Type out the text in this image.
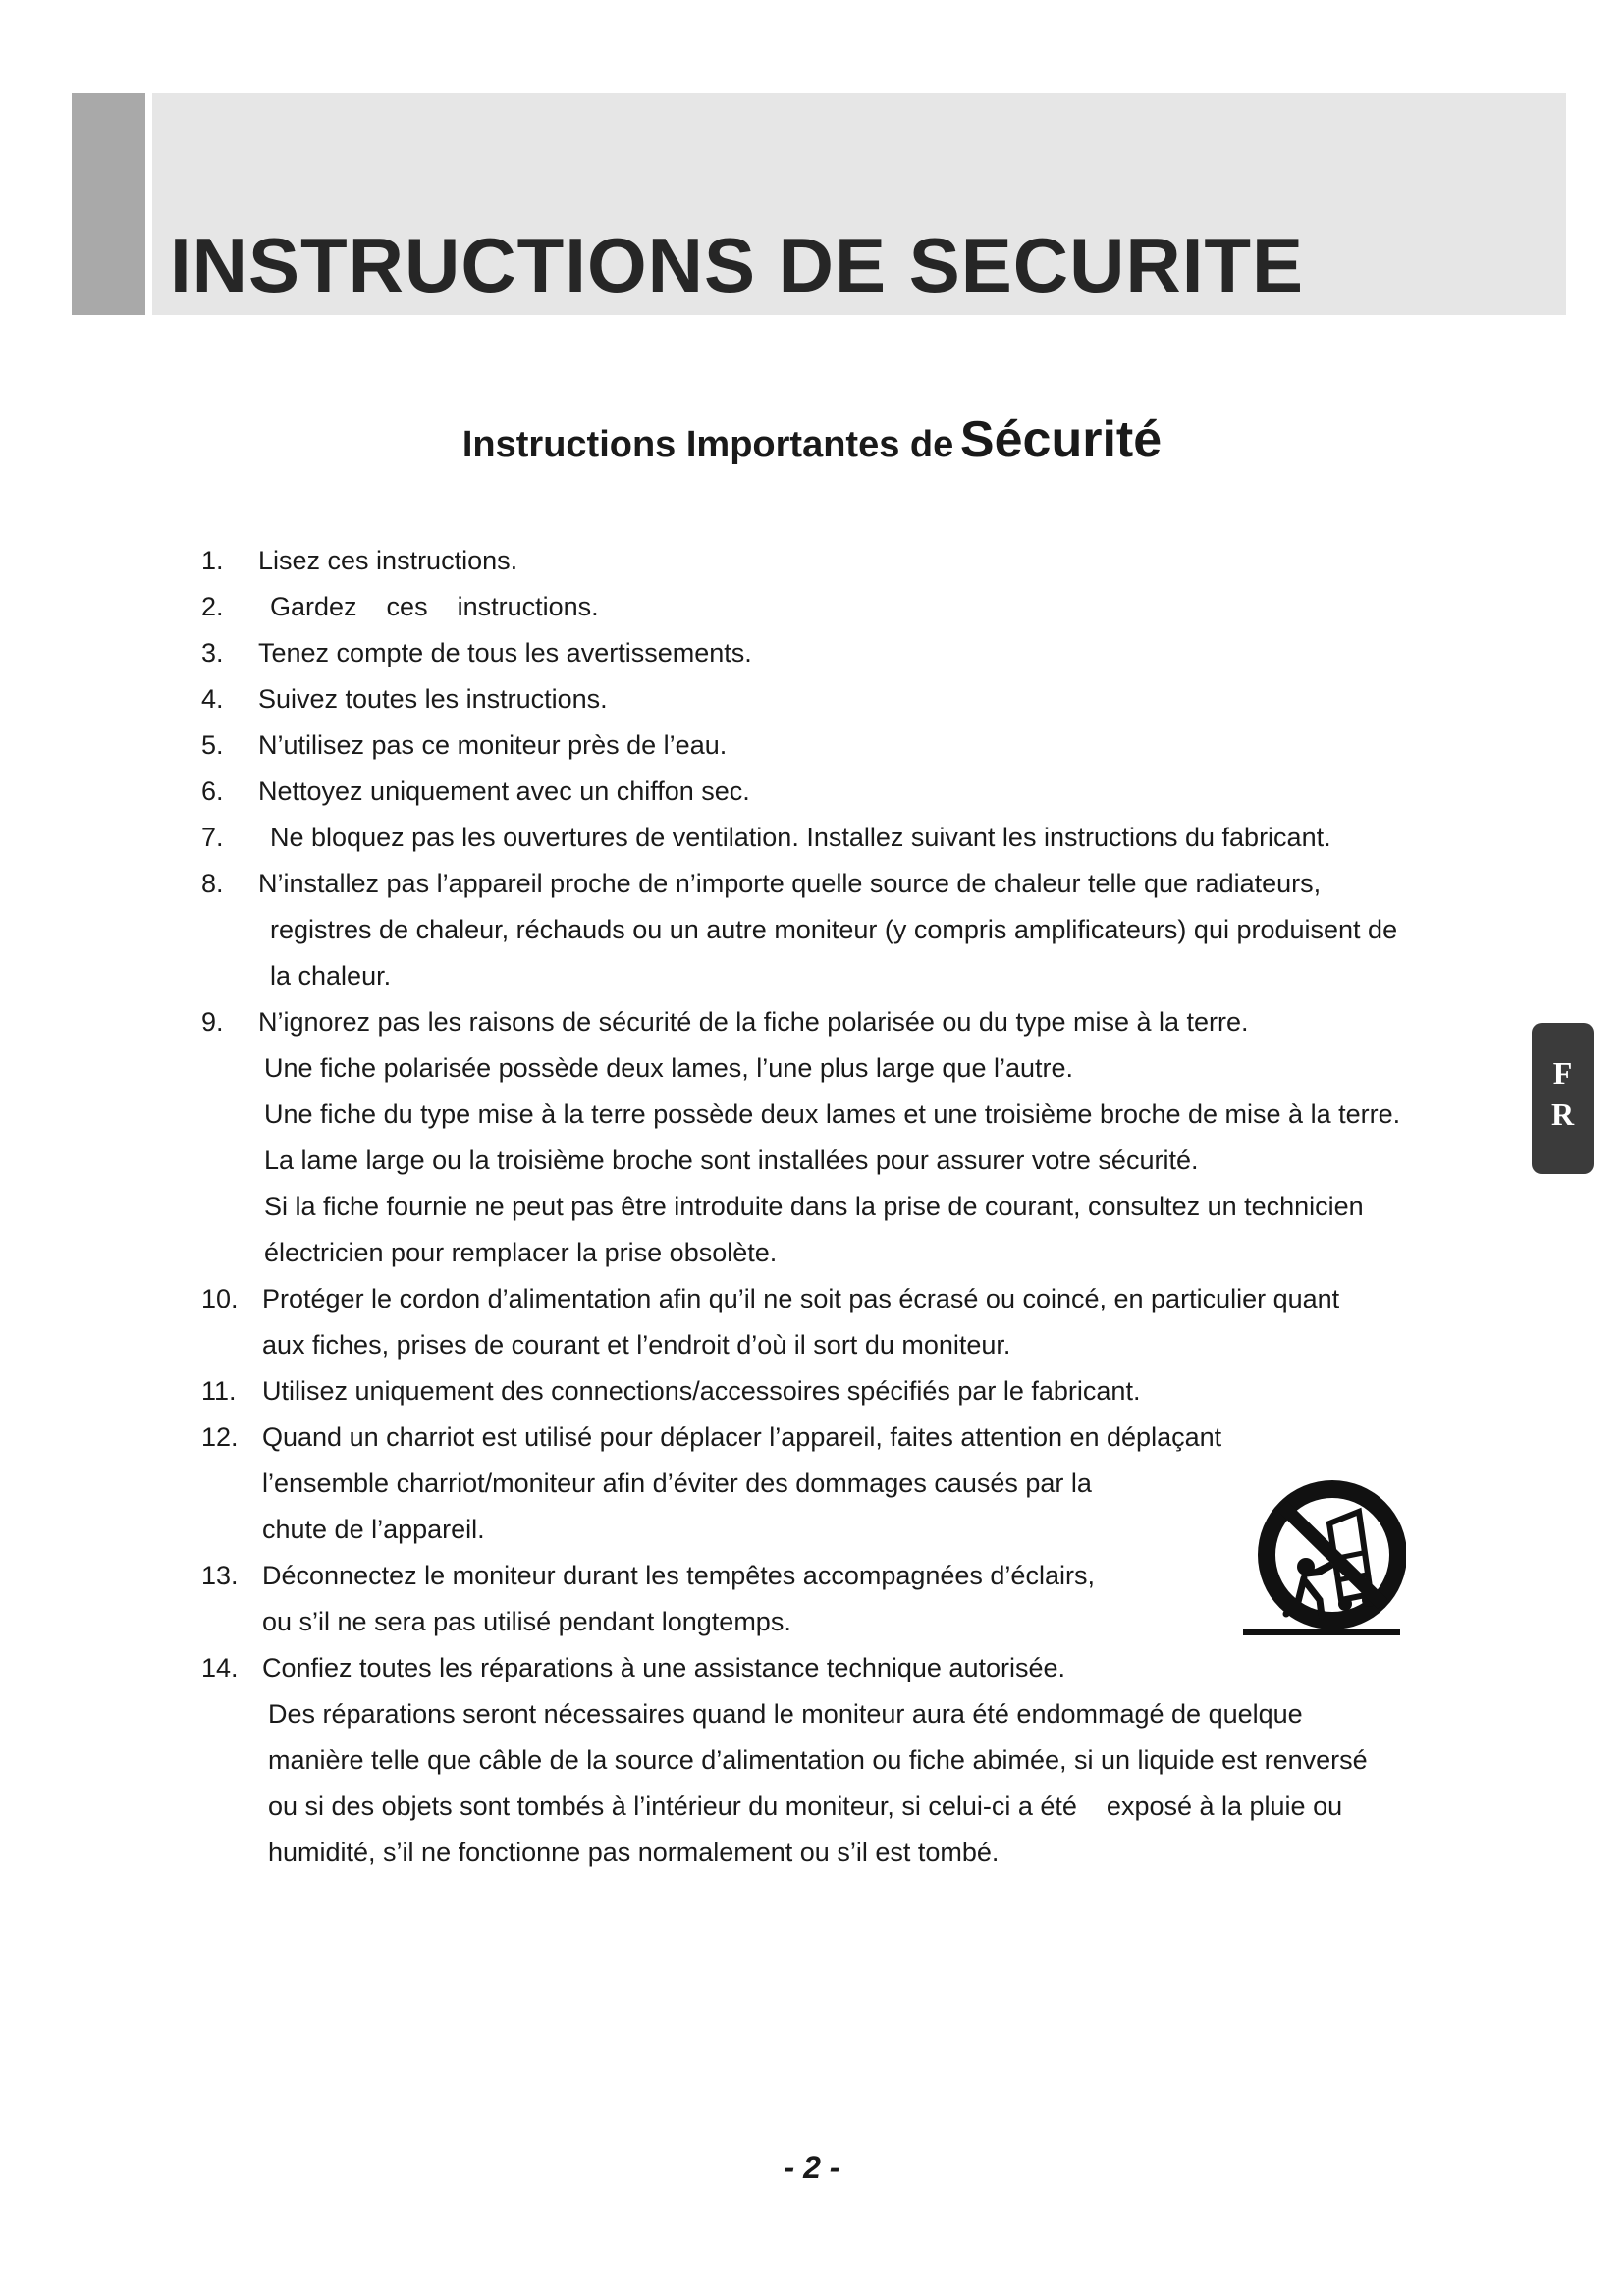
INSTRUCTIONS DE SECURITE
Instructions Importantes de Sécurité
1. Lisez ces instructions.
2.	Gardez    ces    instructions.
3. Tenez compte de tous les avertissements.
4. Suivez toutes les instructions.
5. N’utilisez pas ce moniteur près de l’eau.
6. Nettoyez uniquement avec un chiffon sec.
7.	Ne bloquez pas les ouvertures de ventilation. Installez suivant les instructions du fabricant.
8. N’installez pas l’appareil proche de n’importe quelle source de chaleur telle que radiateurs,
registres de chaleur, réchauds ou un autre moniteur (y compris amplificateurs) qui produisent de
la chaleur.
9. N’ignorez pas les raisons de sécurité de la fiche polarisée ou du type mise à la terre.
Une fiche polarisée possède deux lames, l’une plus large que l’autre.
Une fiche du type mise à la terre possède deux lames et une troisième broche de mise à la terre.
La lame large ou la troisième broche sont installées pour assurer votre sécurité.
Si la fiche fournie ne peut pas être introduite dans la prise de courant, consultez un technicien
électricien pour remplacer la prise obsolète.
10. Protéger le cordon d’alimentation afin qu’il ne soit pas écrasé ou coincé, en particulier quant
aux fiches, prises de courant et l’endroit d’où il sort du moniteur.
11. Utilisez uniquement des connections/accessoires spécifiés par le fabricant.
12. Quand un charriot est utilisé pour déplacer l’appareil, faites attention en déplaçant
l’ensemble charriot/moniteur afin d’éviter des dommages causés par la
chute de l’appareil.
13. Déconnectez le moniteur durant les tempêtes accompagnées d’éclairs,
ou s’il ne sera pas utilisé pendant longtemps.
14. Confiez toutes les réparations à une assistance technique autorisée.
Des réparations seront nécessaires quand le moniteur aura été endommagé de quelque
manière telle que câble de la source d’alimentation ou fiche abimée, si un liquide est renversé
ou si des objets sont tombés à l’intérieur du moniteur, si celui-ci a été    exposé à la pluie ou
humidité, s’il ne fonctionne pas normalement ou s’il est tombé.
F
R
- 2 -
